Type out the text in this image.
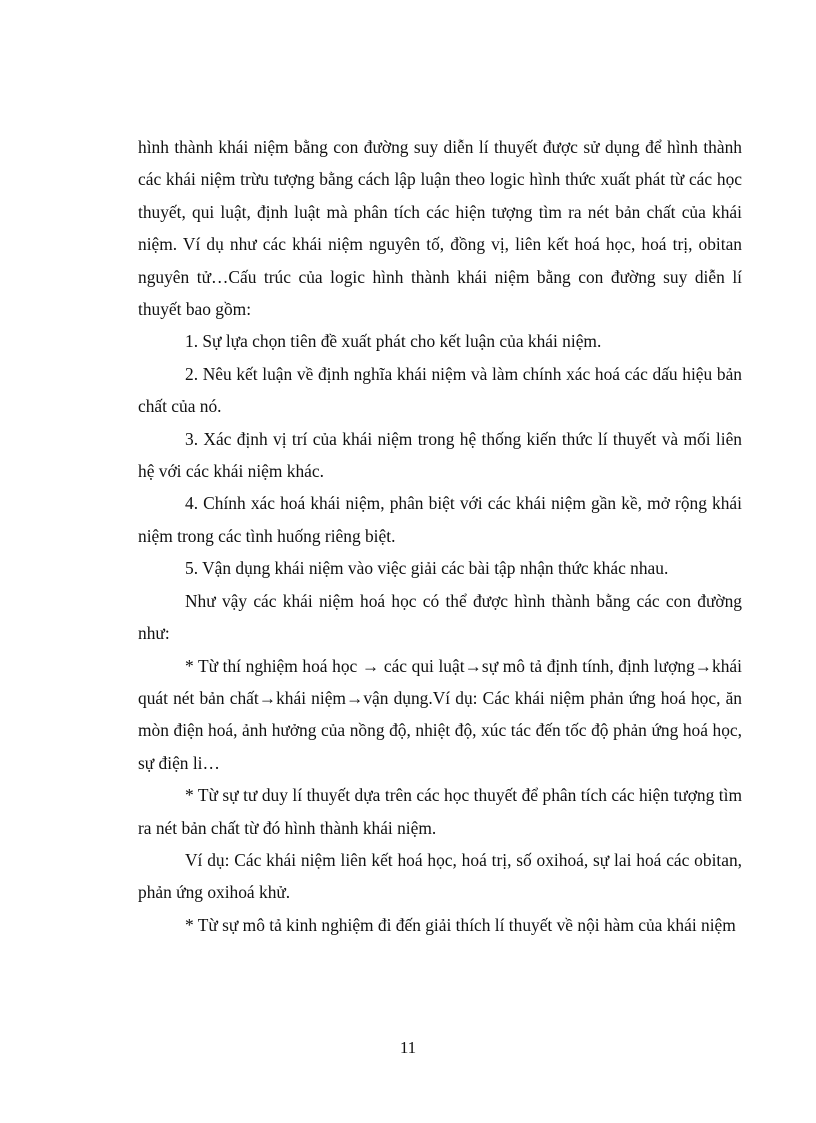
hình thành khái niệm bằng con đường suy diễn lí thuyết được sử dụng để hình thành các khái niệm trừu tượng bằng cách lập luận theo logic hình thức xuất phát từ các học thuyết, qui luật, định luật mà phân tích các hiện tượng tìm ra nét bản chất của khái niệm. Ví dụ như các khái niệm nguyên tố, đồng vị, liên kết hoá học, hoá trị, obitan nguyên tử…Cấu trúc của logic hình thành khái niệm bằng con đường suy diễn lí thuyết bao gồm:

1. Sự lựa chọn tiên đề xuất phát cho kết luận của khái niệm.

2. Nêu kết luận về định nghĩa khái niệm và làm chính xác hoá các dấu hiệu bản chất của nó.

3. Xác định vị trí của khái niệm trong hệ thống kiến thức lí thuyết và mối liên hệ với các khái niệm khác.

4. Chính xác hoá khái niệm, phân biệt với các khái niệm gần kề, mở rộng khái niệm trong các tình huống riêng biệt.

5. Vận dụng khái niệm vào việc giải các bài tập nhận thức khác nhau.

Như vậy các khái niệm hoá học có thể được hình thành bằng các con đường như:

* Từ thí nghiệm hoá học → các qui luật→sự mô tả định tính, định lượng→khái quát nét bản chất→khái niệm→vận dụng.Ví dụ: Các khái niệm phản ứng hoá học, ăn mòn điện hoá, ảnh hưởng của nồng độ, nhiệt độ, xúc tác đến tốc độ phản ứng hoá học, sự điện li…

* Từ sự tư duy lí thuyết dựa trên các học thuyết để phân tích các hiện tượng tìm ra nét bản chất từ đó hình thành khái niệm.

Ví dụ: Các khái niệm liên kết hoá học, hoá trị, số oxihoá, sự lai hoá các obitan, phản ứng oxihoá khử.

* Từ sự mô tả kinh nghiệm đi đến giải thích lí thuyết về nội hàm của khái niệm

11
